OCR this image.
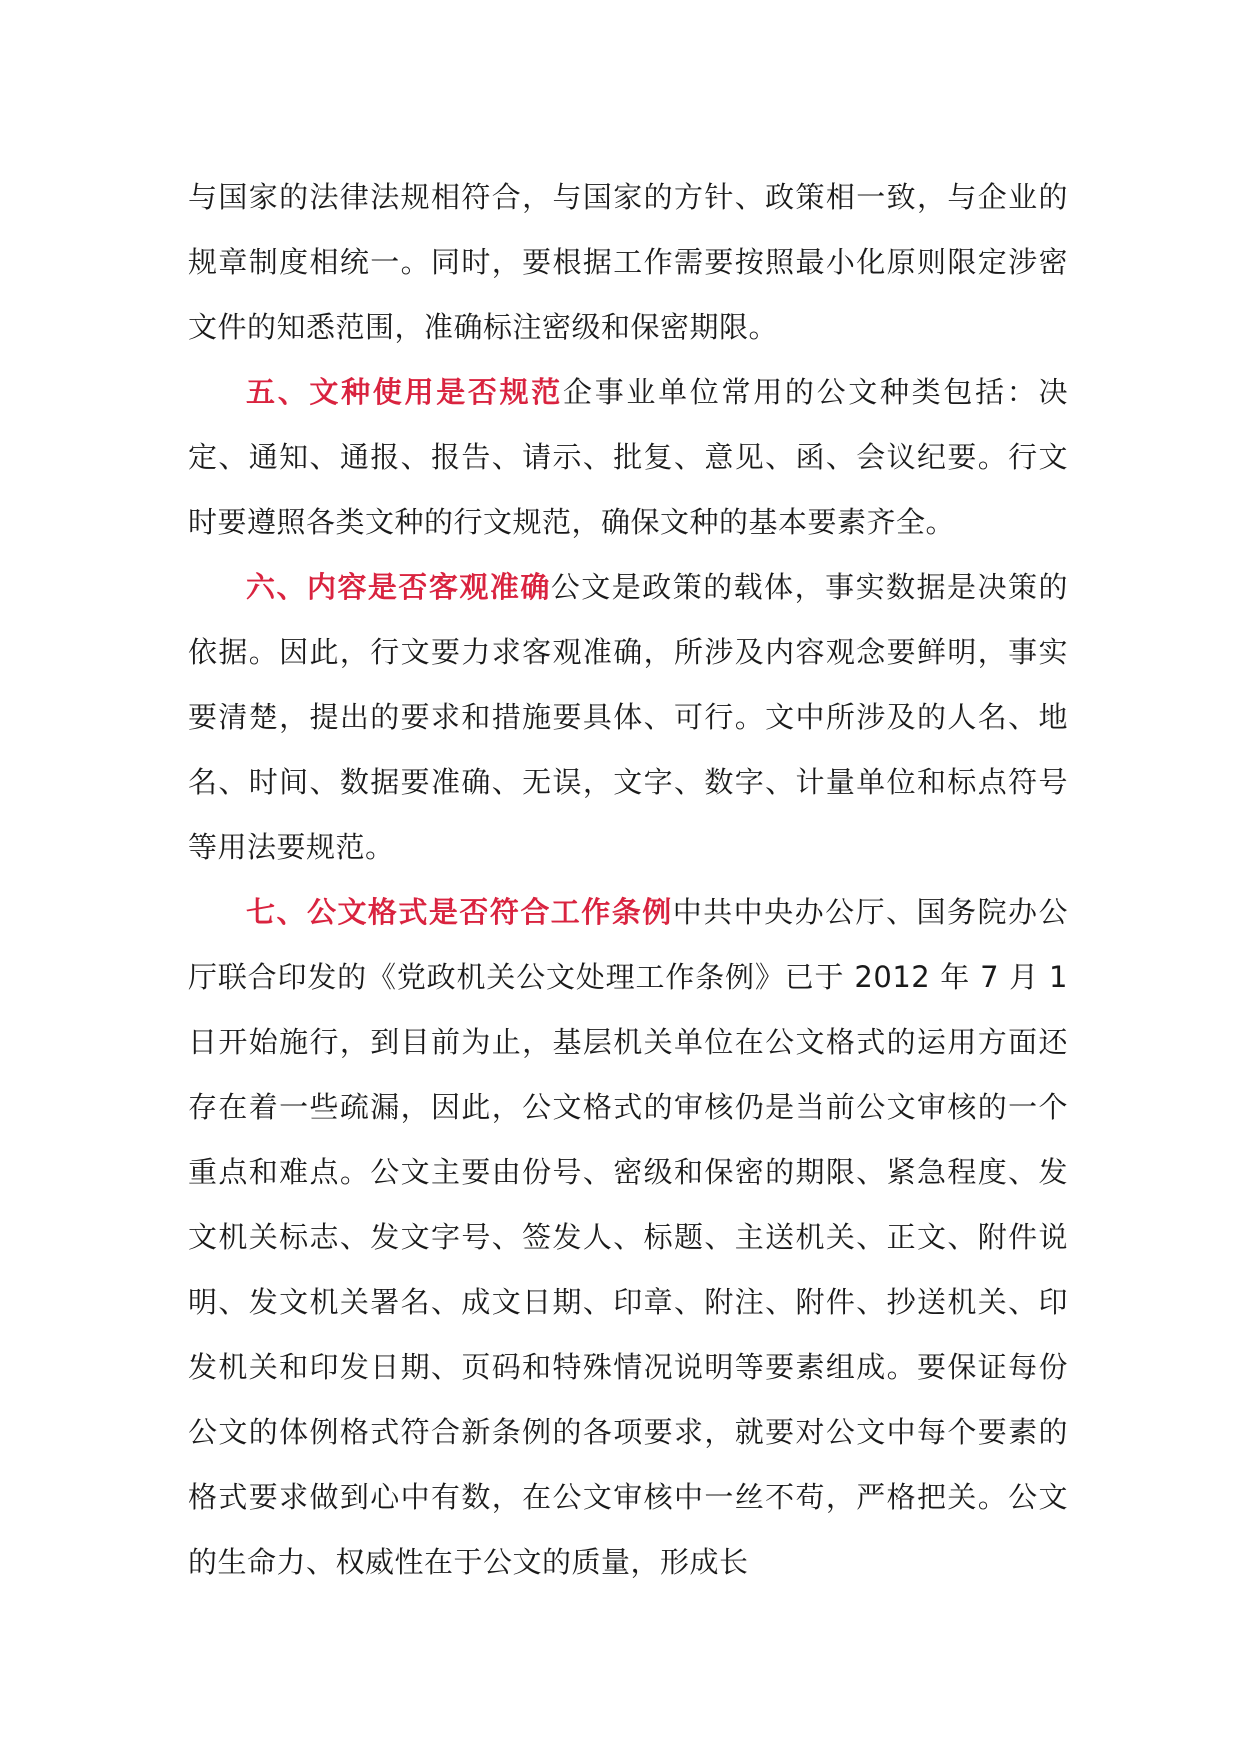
与国家的法律法规相符合，与国家的方针、政策相一致，与企业的规章制度相统一。同时，要根据工作需要按照最小化原则限定涉密文件的知悉范围，准确标注密级和保密期限。

五、文种使用是否规范企事业单位常用的公文种类包括：决定、通知、通报、报告、请示、批复、意见、函、会议纪要。行文时要遵照各类文种的行文规范，确保文种的基本要素齐全。

六、内容是否客观准确公文是政策的载体，事实数据是决策的依据。因此，行文要力求客观准确，所涉及内容观念要鲜明，事实要清楚，提出的要求和措施要具体、可行。文中所涉及的人名、地名、时间、数据要准确、无误，文字、数字、计量单位和标点符号等用法要规范。

七、公文格式是否符合工作条例中共中央办公厅、国务院办公厅联合印发的《党政机关公文处理工作条例》已于 2012 年 7 月 1 日开始施行，到目前为止，基层机关单位在公文格式的运用方面还存在着一些疏漏，因此，公文格式的审核仍是当前公文审核的一个重点和难点。公文主要由份号、密级和保密的期限、紧急程度、发文机关标志、发文字号、签发人、标题、主送机关、正文、附件说明、发文机关署名、成文日期、印章、附注、附件、抄送机关、印发机关和印发日期、页码和特殊情况说明等要素组成。要保证每份公文的体例格式符合新条例的各项要求，就要对公文中每个要素的格式要求做到心中有数，在公文审核中一丝不苟，严格把关。公文的生命力、权威性在于公文的质量，形成长
